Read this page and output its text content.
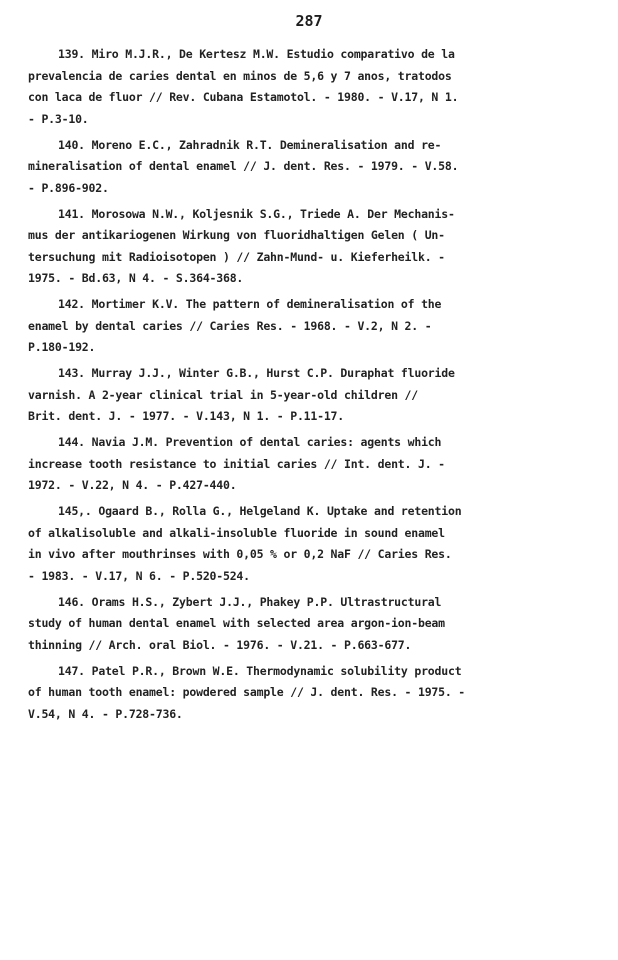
287
139. Miro M.J.R., De Kertesz M.W. Estudio comparativo de la
prevalencia de caries dental en minos de 5,6 y 7 anos, tratodos
con laca de fluor // Rev. Cubana Estamotol. - 1980. - V.17, N 1.
- P.3-10.
140. Moreno E.C., Zahradnik R.T. Demineralisation and re-
mineralisation of dental enamel // J. dent. Res. - 1979. - V.58.
- P.896-902.
141. Morosowa N.W., Koljesnik S.G., Triede A. Der Mechanis-
mus der antikariogenen Wirkung von fluoridhaltigen Gelen ( Un-
tersuchung mit Radioisotopen ) // Zahn-Mund- u. Kieferheilk. -
1975. - Bd.63, N 4. - S.364-368.
142. Mortimer K.V. The pattern of demineralisation of the
enamel by dental caries // Caries Res. - 1968. - V.2, N 2. -
P.180-192.
143. Murray J.J., Winter G.B., Hurst C.P. Duraphat fluoride
varnish. A 2-year clinical trial in 5-year-old children //
Brit. dent. J. - 1977. - V.143, N 1. - P.11-17.
144. Navia J.M. Prevention of dental caries: agents which
increase tooth resistance to initial caries // Int. dent. J. -
1972. - V.22, N 4. - P.427-440.
145,. Ogaard B., Rolla G., Helgeland K. Uptake and retention
of alkalisoluble and alkali-insoluble fluoride in sound enamel
in vivo after mouthrinses with 0,05 % or 0,2 NaF // Caries Res.
- 1983. - V.17, N 6. - P.520-524.
146. Orams H.S., Zybert J.J., Phakey P.P. Ultrastructural
study of human dental enamel with selected area argon-ion-beam
thinning // Arch. oral Biol. - 1976. - V.21. - P.663-677.
147. Patel P.R., Brown W.E. Thermodynamic solubility product
of human tooth enamel: powdered sample // J. dent. Res. - 1975. -
V.54, N 4. - P.728-736.
